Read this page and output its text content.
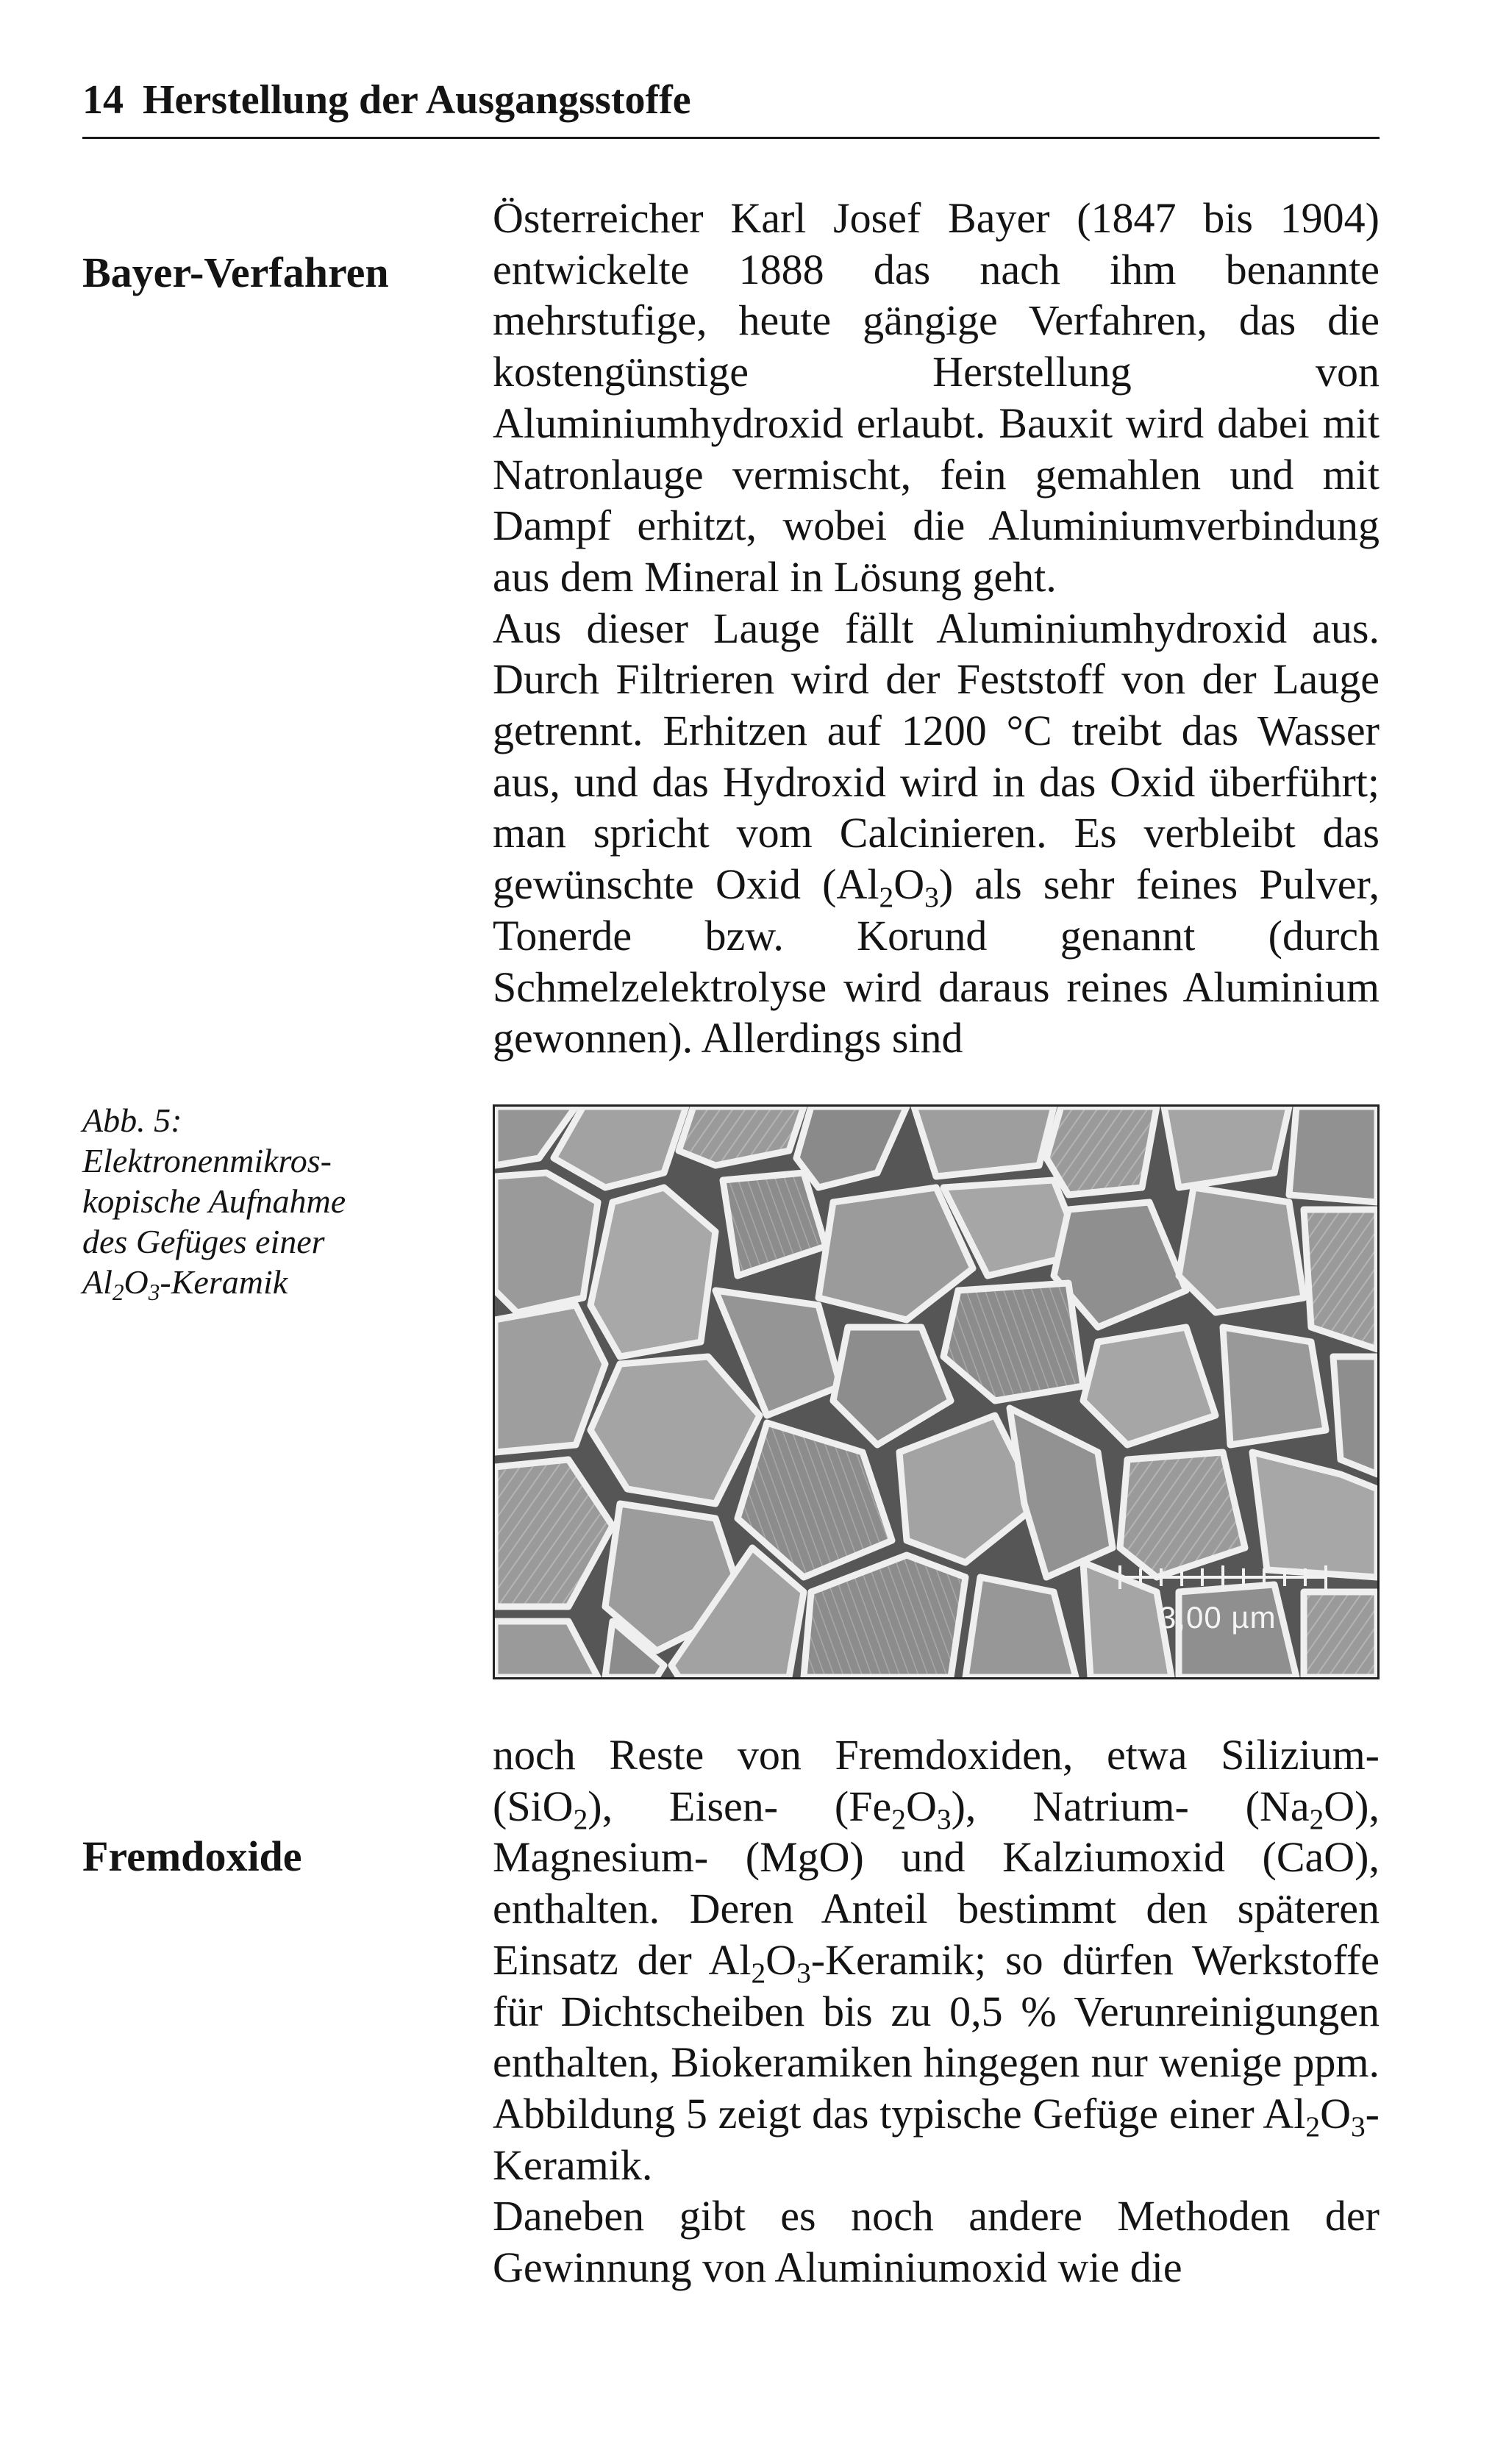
14 Herstellung der Ausgangsstoffe
Bayer-Verfahren

Österreicher Karl Josef Bayer (1847 bis 1904) entwickelte 1888 das nach ihm benannte mehrstufige, heute gängige Verfahren, das die kostengünstige Herstellung von Aluminiumhydroxid erlaubt. Bauxit wird dabei mit Natronlauge vermischt, fein gemahlen und mit Dampf erhitzt, wobei die Aluminiumverbindung aus dem Mineral in Lösung geht.

Aus dieser Lauge fällt Aluminiumhydroxid aus. Durch Filtrieren wird der Feststoff von der Lauge getrennt. Erhitzen auf 1200 °C treibt das Wasser aus, und das Hydroxid wird in das Oxid überführt; man spricht vom Calcinieren. Es verbleibt das gewünschte Oxid $(Al_2O_3)$ als sehr feines Pulver, Tonerde bzw. Korund genannt (durch Schmelzelektrolyse wird daraus reines Aluminium gewonnen). Allerdings sind

Abb. 5:
Elektronenmikros-
kopische Aufnahme
des Gefüges einer
$Al_2O_3$-Keramik
3,00 µm
Fremdoxide

noch Reste von Fremdoxiden, etwa Silizium- (SiO$_2$), Eisen- $(Fe_2O_3)$, Natrium- $(Na_2O)$, Magnesium- (MgO) und Kalziumoxid (CaO), enthalten. Deren Anteil bestimmt den späteren Einsatz der $Al_2O_3$-Keramik; so dürfen Werkstoffe für Dichtscheiben bis zu 0,5 % Verunreinigungen enthalten, Biokeramiken hingegen nur wenige ppm. Abbildung 5 zeigt das typische Gefüge einer $Al_2O_3$-Keramik.

Daneben gibt es noch andere Methoden der Gewinnung von Aluminiumoxid wie die
